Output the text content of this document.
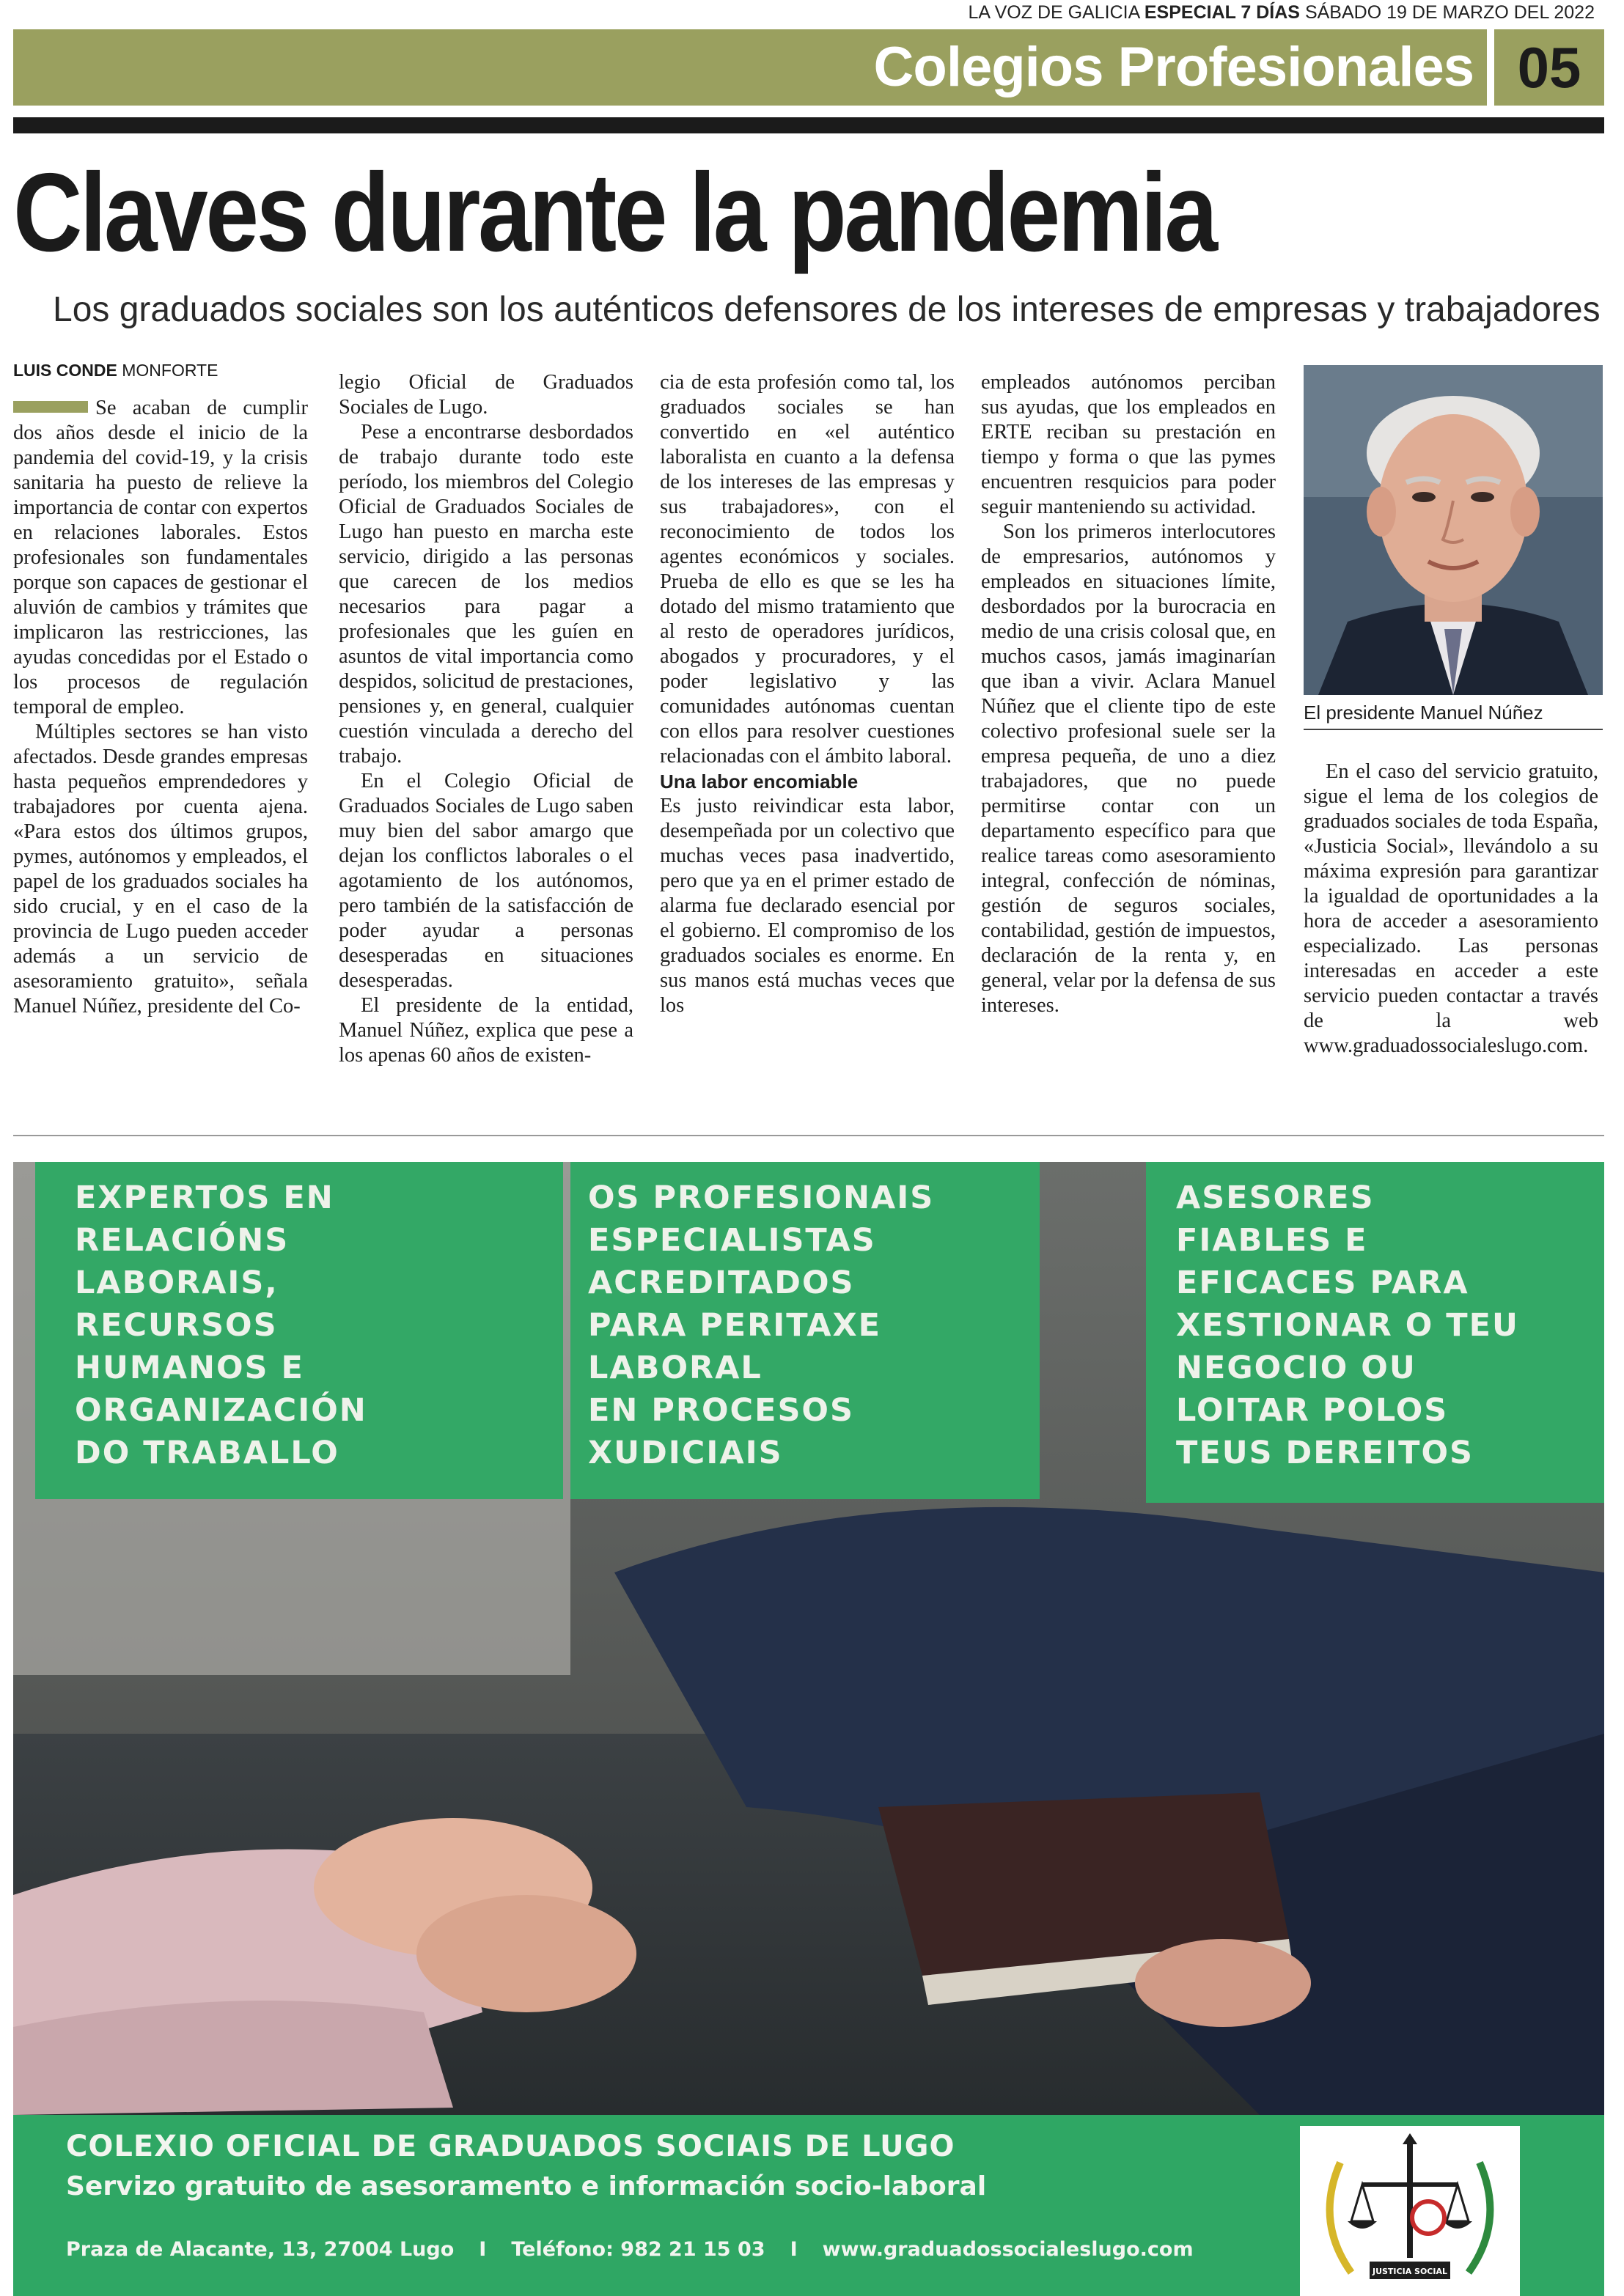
LA VOZ DE GALICIA ESPECIAL 7 DÍAS SÁBADO 19 DE MARZO DEL 2022
Colegios Profesionales 05
Claves durante la pandemia
Los graduados sociales son los auténticos defensores de los intereses de empresas y trabajadores
LUIS CONDE MONFORTE

Se acaban de cumplir dos años desde el inicio de la pandemia del covid-19, y la crisis sanitaria ha puesto de relieve la importancia de contar con expertos en relaciones laborales. Estos profesionales son fundamentales porque son capaces de gestionar el aluvión de cambios y trámites que implicaron las restricciones, las ayudas concedidas por el Estado o los procesos de regulación temporal de empleo.

Múltiples sectores se han visto afectados. Desde grandes empresas hasta pequeños emprendedores y trabajadores por cuenta ajena. «Para estos dos últimos grupos, pymes, autónomos y empleados, el papel de los graduados sociales ha sido crucial, y en el caso de la provincia de Lugo pueden acceder además a un servicio de asesoramiento gratuito», señala Manuel Núñez, presidente del Co-

legio Oficial de Graduados Sociales de Lugo.

Pese a encontrarse desbordados de trabajo durante todo este período, los miembros del Colegio Oficial de Graduados Sociales de Lugo han puesto en marcha este servicio, dirigido a las personas que carecen de los medios necesarios para pagar a profesionales que les guíen en asuntos de vital importancia como despidos, solicitud de prestaciones, pensiones y, en general, cualquier cuestión vinculada a derecho del trabajo.

En el Colegio Oficial de Graduados Sociales de Lugo saben muy bien del sabor amargo que dejan los conflictos laborales o el agotamiento de los autónomos, pero también de la satisfacción de poder ayudar a personas desesperadas en situaciones desesperadas.

El presidente de la entidad, Manuel Núñez, explica que pese a los apenas 60 años de existen-

cia de esta profesión como tal, los graduados sociales se han convertido en «el auténtico laboralista en cuanto a la defensa de los intereses de las empresas y sus trabajadores», con el reconocimiento de todos los agentes económicos y sociales. Prueba de ello es que se les ha dotado del mismo tratamiento que al resto de operadores jurídicos, abogados y procuradores, y el poder legislativo y las comunidades autónomas cuentan con ellos para resolver cuestiones relacionadas con el ámbito laboral.

Una labor encomiable

Es justo reivindicar esta labor, desempeñada por un colectivo que muchas veces pasa inadvertido, pero que ya en el primer estado de alarma fue declarado esencial por el gobierno. El compromiso de los graduados sociales es enorme. En sus manos está muchas veces que los

empleados autónomos perciban sus ayudas, que los empleados en ERTE reciban su prestación en tiempo y forma o que las pymes encuentren resquicios para poder seguir manteniendo su actividad.

Son los primeros interlocutores de empresarios, autónomos y empleados en situaciones límite, desbordados por la burocracia en medio de una crisis colosal que, en muchos casos, jamás imaginarían que iban a vivir. Aclara Manuel Núñez que el cliente tipo de este colectivo profesional suele ser la empresa pequeña, de uno a diez trabajadores, que no puede permitirse contar con un departamento específico para que realice tareas como asesoramiento integral, confección de nóminas, gestión de seguros sociales, contabilidad, gestión de impuestos, declaración de la renta y, en general, velar por la defensa de sus intereses.

El presidente Manuel Núñez

En el caso del servicio gratuito, sigue el lema de los colegios de graduados sociales de toda España, «Justicia Social», llevándolo a su máxima expresión para garantizar la igualdad de oportunidades a la hora de acceder a asesoramiento especializado. Las personas interesadas en acceder a este servicio pueden contactar a través de la web www.graduadossocialeslugo.com.

EXPERTOS EN
RELACIÓNS
LABORAIS,
RECURSOS
HUMANOS E
ORGANIZACIÓN
DO TRABALLO
OS PROFESIONAIS
ESPECIALISTAS
ACREDITADOS
PARA PERITAXE
LABORAL
EN PROCESOS
XUDICIAIS
ASESORES
FIABLES E
EFICACES PARA
XESTIONAR O TEU
NEGOCIO OU
LOITAR POLOS
TEUS DEREITOS
COLEXIO OFICIAL DE GRADUADOS SOCIAIS DE LUGO
Servizo gratuito de asesoramento e información socio-laboral
Praza de Alacante, 13, 27004 Lugo I Teléfono: 982 21 15 03 I www.graduadossocialeslugo.com
JUSTICIA SOCIAL
